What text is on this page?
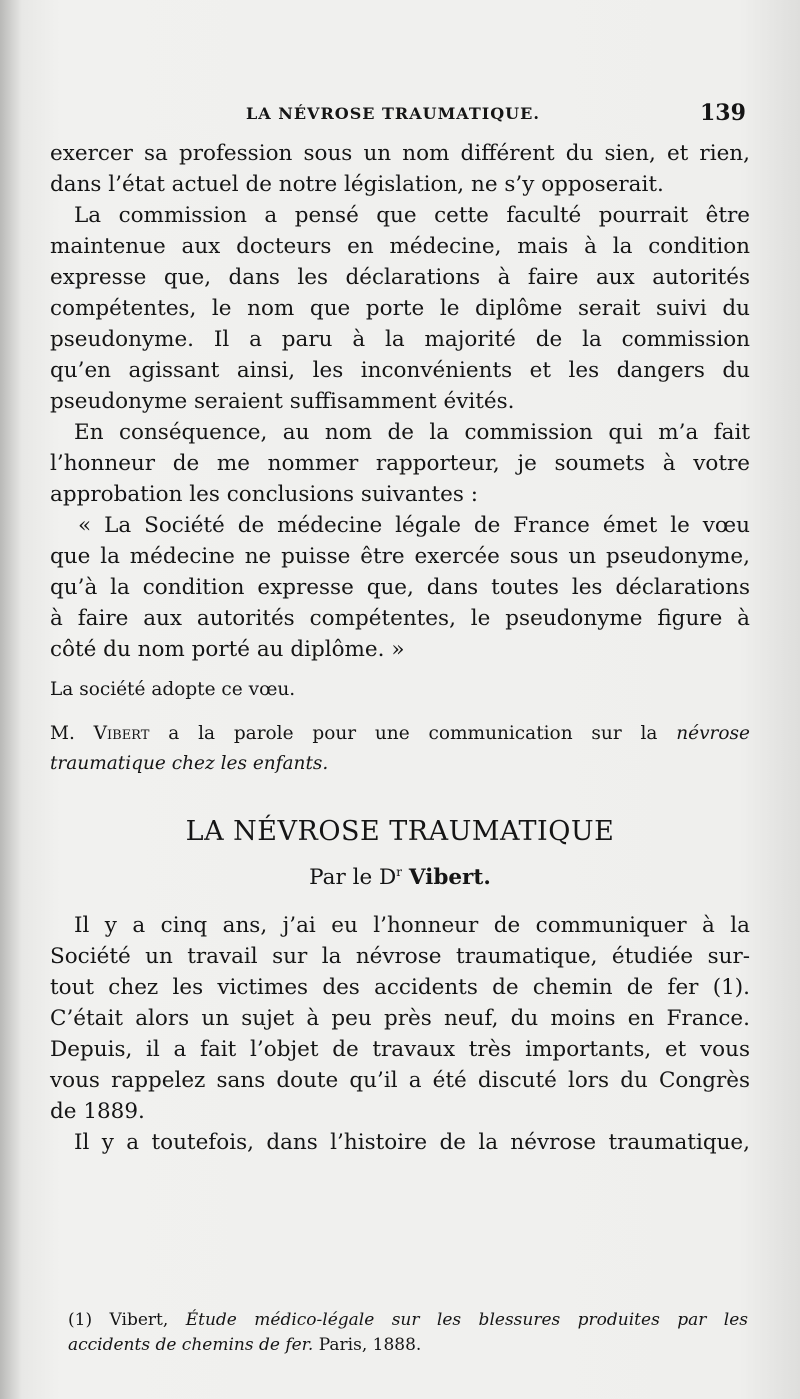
LA NÉVROSE TRAUMATIQUE.	139
exercer sa profession sous un nom différent du sien, et rien,
dans l’état actuel de notre législation, ne s’y opposerait.
La commission a pensé que cette faculté pourrait être
maintenue aux docteurs en médecine, mais à la condition
expresse que, dans les déclarations à faire aux autorités
compétentes, le nom que porte le diplôme serait suivi du
pseudonyme. Il a paru à la majorité de la commission
qu’en agissant ainsi, les inconvénients et les dangers du
pseudonyme seraient suffisamment évités.
En conséquence, au nom de la commission qui m’a fait
l’honneur de me nommer rapporteur, je soumets à votre
approbation les conclusions suivantes :
« La Société de médecine légale de France émet le vœu
que la médecine ne puisse être exercée sous un pseudonyme,
qu’à la condition expresse que, dans toutes les déclarations
à faire aux autorités compétentes, le pseudonyme figure à
côté du nom porté au diplôme. »
La société adopte ce vœu.
M. Vibert a la parole pour une communication sur la névrose
traumatique chez les enfants.
LA NÉVROSE TRAUMATIQUE
Par le $D^r$ Vibert.
Il y a cinq ans, j’ai eu l’honneur de communiquer à la
Société un travail sur la névrose traumatique, étudiée sur-
tout chez les victimes des accidents de chemin de fer (1).
C’était alors un sujet à peu près neuf, du moins en France.
Depuis, il a fait l’objet de travaux très importants, et vous
vous rappelez sans doute qu’il a été discuté lors du Congrès
de 1889.
Il y a toutefois, dans l’histoire de la névrose traumatique,
(1) Vibert, Étude médico-légale sur les blessures produites par les
accidents de chemins de fer. Paris, 1888.
